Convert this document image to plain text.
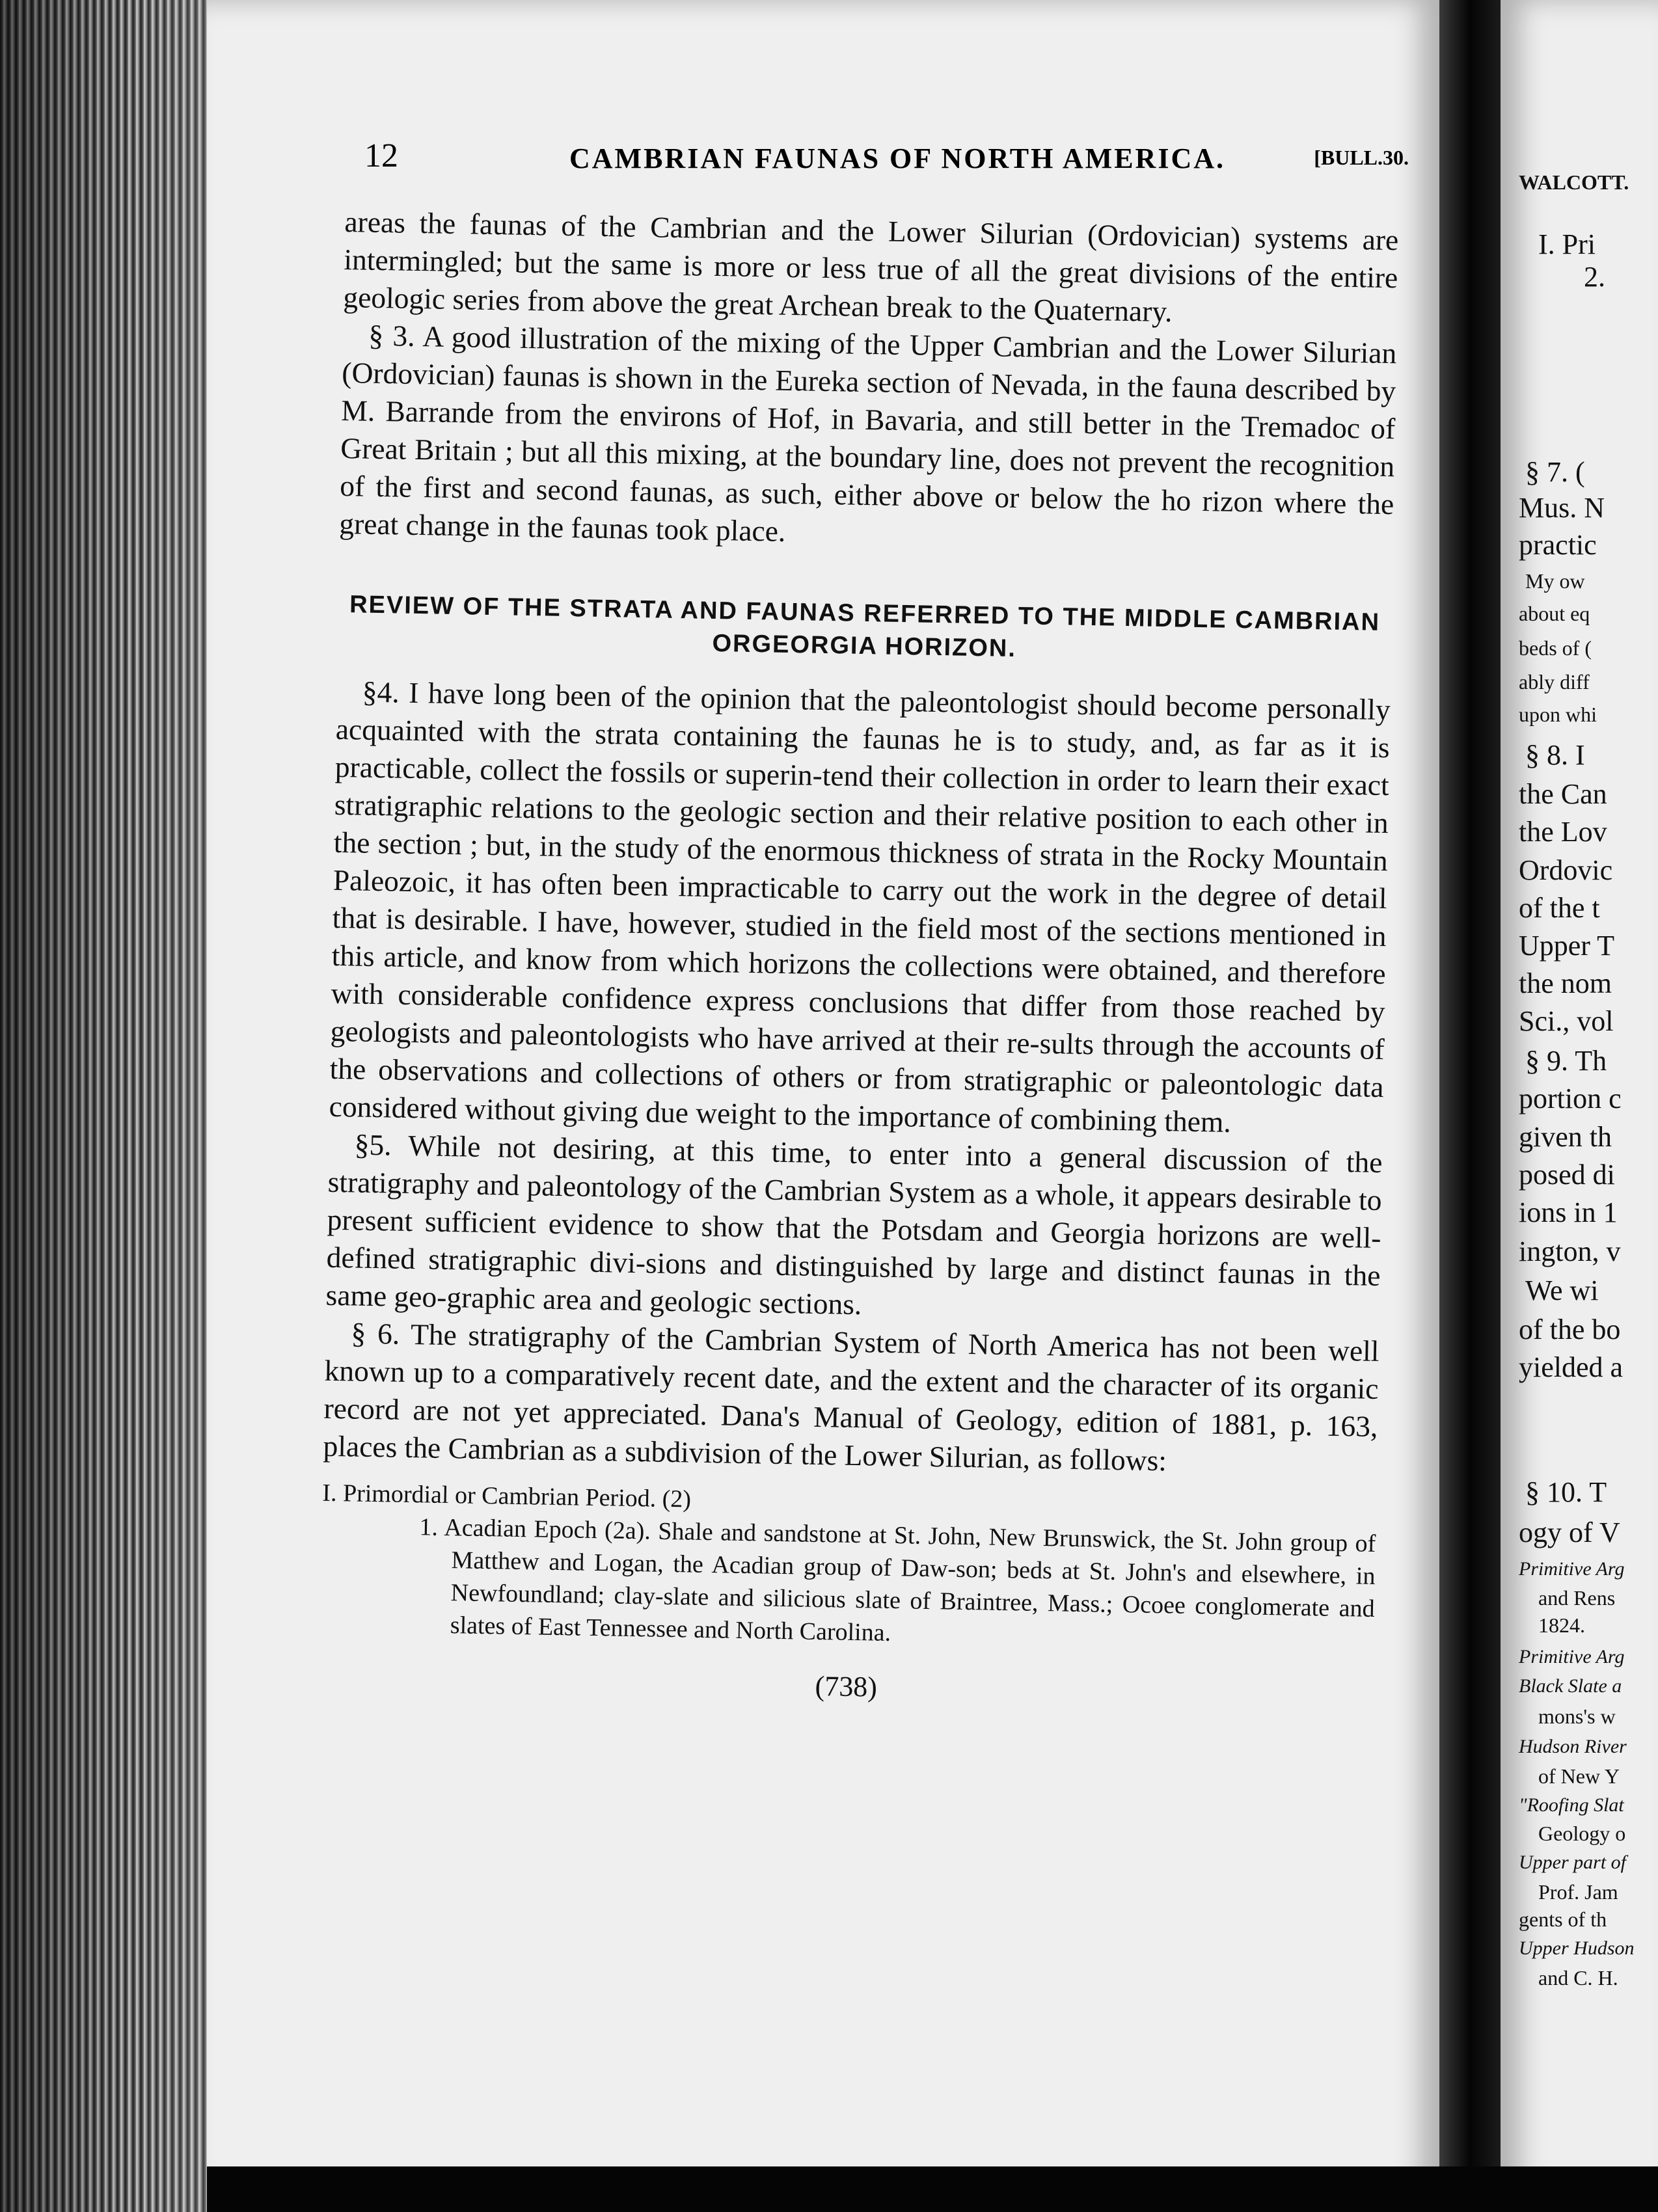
WALCOTT.
I. Pri
2.
§ 7. (
Mus. N
practic
My ow
about eq
beds of (
ably diff
upon whi
§ 8. I
the Can
the Lov
Ordovic
of the t
Upper T
the nom
Sci., vol
§ 9. Th
portion c
given th
posed di
ions in 1
ington, v
We wi
of the bo
yielded a
§ 10. T
ogy of V
Primitive Arg
and Rens
1824.
Primitive Arg
Black Slate a
mons's w
Hudson River
of New Y
"Roofing Slat
Geology o
Upper part of
Prof. Jam
gents of th
Upper Hudson
and C. H.
12	CAMBRIAN FAUNAS OF NORTH AMERICA.	[BULL.30.

areas the faunas of the Cambrian and the Lower Silurian (Ordovician) systems are intermingled; but the same is more or less true of all the great divisions of the entire geologic series from above the great Archean break to the Quaternary.

§ 3. A good illustration of the mixing of the Upper Cambrian and the Lower Silurian (Ordovician) faunas is shown in the Eureka section of Nevada, in the fauna described by M. Barrande from the environs of Hof, in Bavaria, and still better in the Tremadoc of Great Britain ; but all this mixing, at the boundary line, does not prevent the recognition of the first and second faunas, as such, either above or below the ho rizon where the great change in the faunas took place.

REVIEW OF THE STRATA AND FAUNAS REFERRED TO THE MIDDLE CAMBRIAN ORGEORGIA HORIZON.

§4. I have long been of the opinion that the paleontologist should become personally acquainted with the strata containing the faunas he is to study, and, as far as it is practicable, collect the fossils or superin-tend their collection in order to learn their exact stratigraphic relations to the geologic section and their relative position to each other in the section ; but, in the study of the enormous thickness of strata in the Rocky Mountain Paleozoic, it has often been impracticable to carry out the work in the degree of detail that is desirable. I have, however, studied in the field most of the sections mentioned in this article, and know from which horizons the collections were obtained, and therefore with considerable confidence express conclusions that differ from those reached by geologists and paleontologists who have arrived at their re-sults through the accounts of the observations and collections of others or from stratigraphic or paleontologic data considered without giving due weight to the importance of combining them.

§5. While not desiring, at this time, to enter into a general discussion of the stratigraphy and paleontology of the Cambrian System as a whole, it appears desirable to present sufficient evidence to show that the Potsdam and Georgia horizons are well-defined stratigraphic divi-sions and distinguished by large and distinct faunas in the same geo-graphic area and geologic sections.

§ 6. The stratigraphy of the Cambrian System of North America has not been well known up to a comparatively recent date, and the extent and the character of its organic record are not yet appreciated. Dana's Manual of Geology, edition of 1881, p. 163, places the Cambrian as a subdivision of the Lower Silurian, as follows:

I. Primordial or Cambrian Period. (2)
1. Acadian Epoch (2a). Shale and sandstone at St. John, New Brunswick, the St. John group of Matthew and Logan, the Acadian group of Daw-son; beds at St. John's and elsewhere, in Newfoundland; clay-slate and silicious slate of Braintree, Mass.; Ocoee conglomerate and slates of East Tennessee and North Carolina.
(738)
